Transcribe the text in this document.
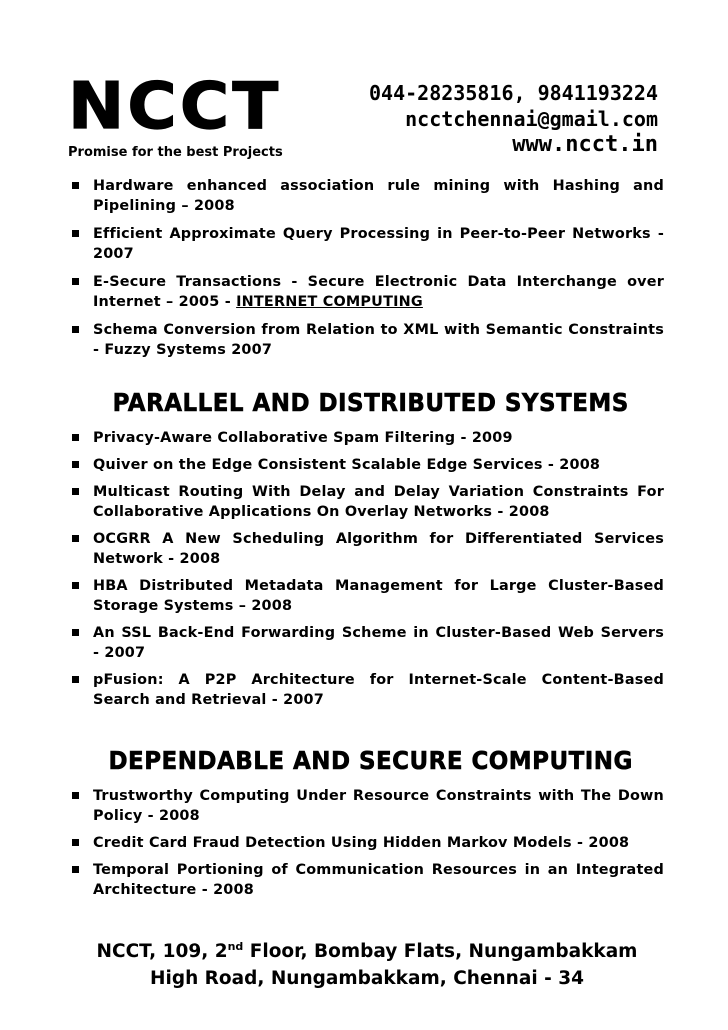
NCCT
Promise for the best Projects
044-28235816, 9841193224
ncctchennai@gmail.com
www.ncct.in
Hardware enhanced association rule mining with Hashing and Pipelining – 2008
Efficient Approximate Query Processing in Peer-to-Peer Networks - 2007
E-Secure Transactions - Secure Electronic Data Interchange over Internet – 2005 - INTERNET COMPUTING
Schema Conversion from Relation to XML with Semantic Constraints - Fuzzy Systems 2007
PARALLEL AND DISTRIBUTED SYSTEMS
Privacy-Aware Collaborative Spam Filtering - 2009
Quiver on the Edge Consistent Scalable Edge Services - 2008
Multicast Routing With Delay and Delay Variation Constraints For Collaborative Applications On Overlay Networks - 2008
OCGRR A New Scheduling Algorithm for Differentiated Services Network - 2008
HBA Distributed Metadata Management for Large Cluster-Based Storage Systems – 2008
An SSL Back-End Forwarding Scheme in Cluster-Based Web Servers - 2007
pFusion: A P2P Architecture for Internet-Scale Content-Based Search and Retrieval - 2007
DEPENDABLE AND SECURE COMPUTING
Trustworthy Computing Under Resource Constraints with The Down Policy - 2008
Credit Card Fraud Detection Using Hidden Markov Models - 2008
Temporal Portioning of Communication Resources in an Integrated Architecture - 2008
NCCT, 109, 2nd Floor, Bombay Flats, Nungambakkam
High Road, Nungambakkam, Chennai - 34
